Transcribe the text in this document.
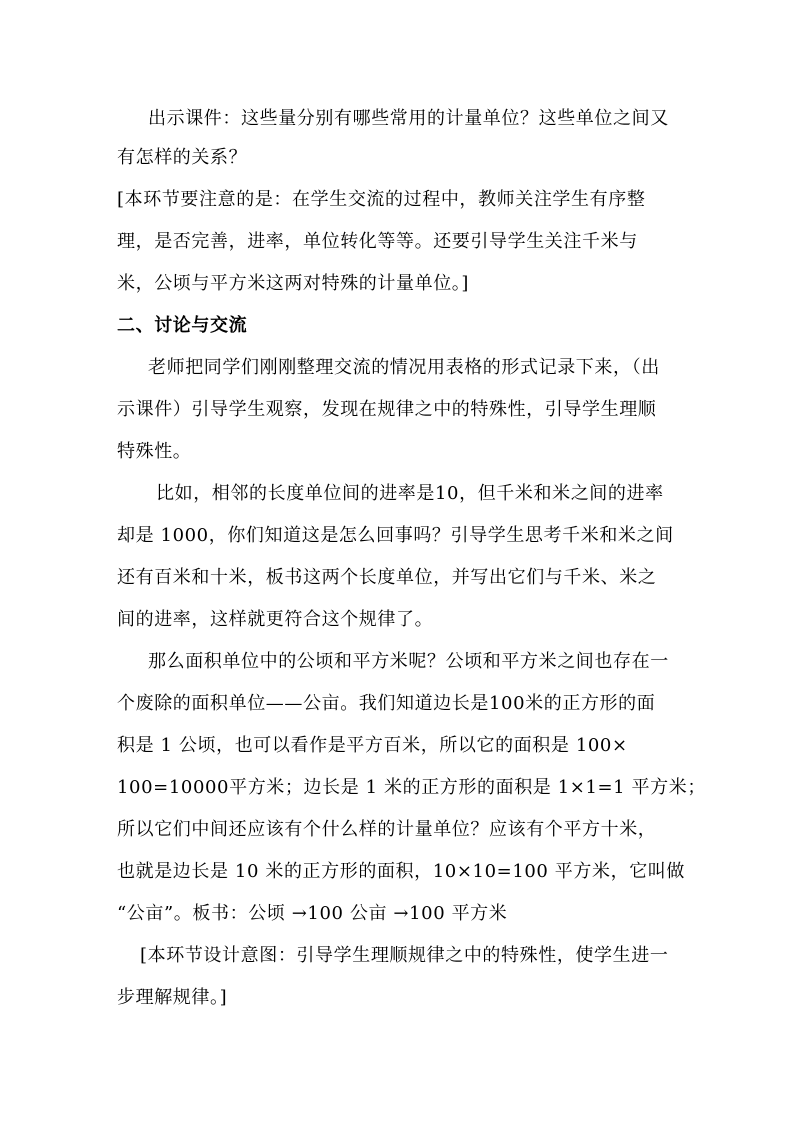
出示课件：这些量分别有哪些常用的计量单位？这些单位之间又
有怎样的关系？
[本环节要注意的是：在学生交流的过程中，教师关注学生有序整
理，是否完善，进率，单位转化等等。还要引导学生关注千米与
米，公顷与平方米这两对特殊的计量单位。]
二、讨论与交流
老师把同学们刚刚整理交流的情况用表格的形式记录下来，（出
示课件）引导学生观察，发现在规律之中的特殊性，引导学生理顺
特殊性。
比如，相邻的长度单位间的进率是10，但千米和米之间的进率
却是 1000，你们知道这是怎么回事吗？引导学生思考千米和米之间
还有百米和十米，板书这两个长度单位，并写出它们与千米、米之
间的进率，这样就更符合这个规律了。
那么面积单位中的公顷和平方米呢？公顷和平方米之间也存在一
个废除的面积单位——公亩。我们知道边长是100米的正方形的面
积是 1 公顷，也可以看作是平方百米，所以它的面积是 100×
100=10000平方米；边长是 1 米的正方形的面积是 1×1=1 平方米；
所以它们中间还应该有个什么样的计量单位？应该有个平方十米，
也就是边长是 10 米的正方形的面积，10×10=100 平方米，它叫做
“公亩”。板书：公顷 →100 公亩 →100 平方米
[本环节设计意图：引导学生理顺规律之中的特殊性，使学生进一
步理解规律。]
